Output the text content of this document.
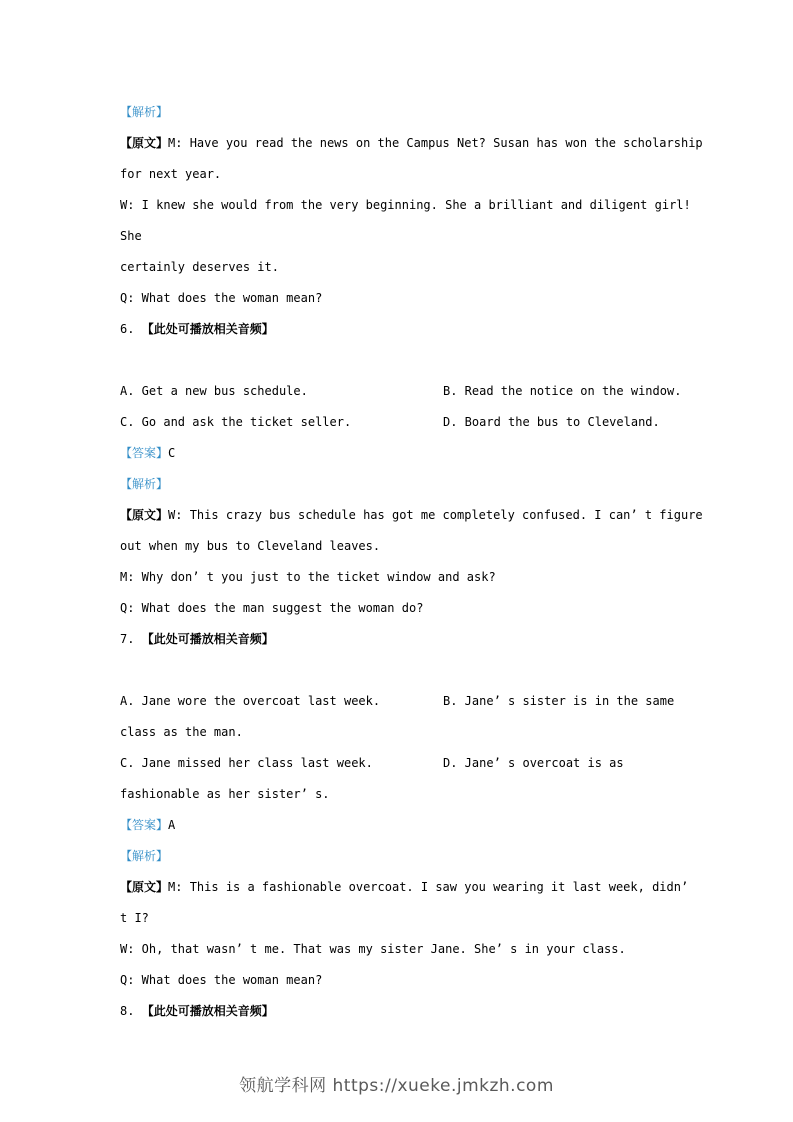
【解析】
【原文】M: Have you read the news on the Campus Net? Susan has won the scholarship
for next year.
W: I knew she would from the very beginning. She a brilliant and diligent girl! She
certainly deserves it.
Q: What does the woman mean?
6. 【此处可播放相关音频】
A. Get a new bus schedule.	B. Read the notice on the window.
C. Go and ask the ticket seller.	D. Board the bus to Cleveland.
【答案】C
【解析】
【原文】W: This crazy bus schedule has got me completely confused. I can’ t figure
out when my bus to Cleveland leaves.
M: Why don’ t you just to the ticket window and ask?
Q: What does the man suggest the woman do?
7. 【此处可播放相关音频】
A. Jane wore the overcoat last week.	B. Jane’ s sister is in the same
class as the man.
C. Jane missed her class last week.	D. Jane’ s overcoat is as
fashionable as her sister’ s.
【答案】A
【解析】
【原文】M: This is a fashionable overcoat. I saw you wearing it last week, didn’
t I?
W: Oh, that wasn’ t me. That was my sister Jane. She’ s in your class.
Q: What does the woman mean?
8. 【此处可播放相关音频】
领航学科网 https://xueke.jmkzh.com
